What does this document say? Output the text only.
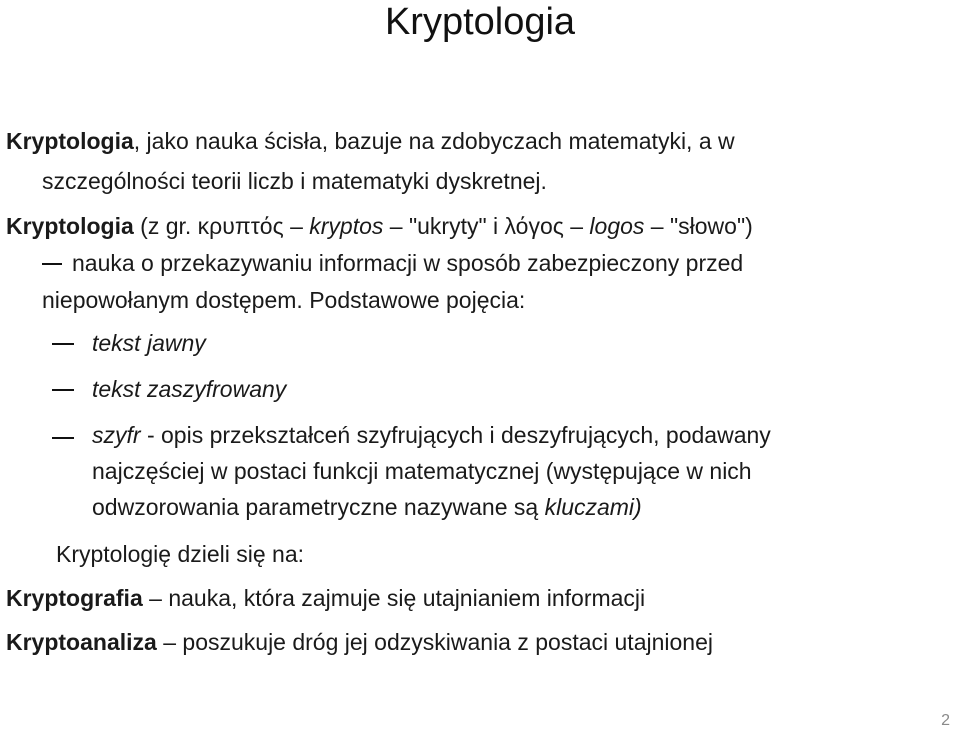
Kryptologia
Kryptologia, jako nauka ścisła, bazuje na zdobyczach matematyki, a w
szczególności teorii liczb i matematyki dyskretnej.
Kryptologia (z gr. κρυπτός – kryptos – "ukryty" i λόγος – logos – "słowo")
nauka o przekazywaniu informacji w sposób zabezpieczony przed
niepowołanym dostępem. Podstawowe pojęcia:
tekst jawny
tekst zaszyfrowany
szyfr - opis przekształceń szyfrujących i deszyfrujących, podawany
najczęściej w postaci funkcji matematycznej (występujące w nich
odwzorowania parametryczne nazywane są kluczami)
Kryptologię dzieli się na:
Kryptografia – nauka, która zajmuje się utajnianiem informacji
Kryptoanaliza – poszukuje dróg jej odzyskiwania z postaci utajnionej
2
